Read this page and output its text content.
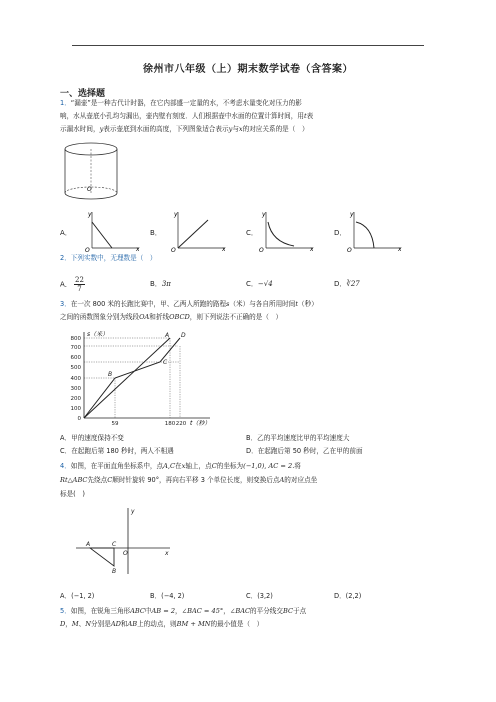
徐州市八年级（上）期末数学试卷（含答案）
一、选择题
1．“漏壶”是一种古代计时器，在它内部盛一定量的水，不考虑水量变化对压力的影
响，水从壶底小孔均匀漏出，壶内壁有刻度．人们根据壶中水面的位置计算时间，用t表
示漏水时间，y表示壶底到水面的高度，下列图象适合表示y与x的对应关系的是（　）
O
A．
y
x
O
B．
y
x
O
C．
y
x
O
D．
y
x
O
2．下列实数中，无理数是（　）
A． $\frac{22}{7}$	B．3π	C．−√4	D．∛27
3．在一次 800 米的长跑比赛中，甲、乙两人所跑的路程s（米）与各自所用时间t（秒）
之间的函数图象分别为线段OA和折线OBCD，则下列说法不正确的是（　）
800
700
600
500
400
300
200
100
0
59	180 220
s（米）
t（秒）
A
B
C
D
A．甲的速度保持不变	B．乙的平均速度比甲的平均速度大
C．在起跑后第 180 秒时，两人不相遇	D．在起跑后第 50 秒时，乙在甲的前面
4．如图，在平面直角坐标系中，点A,C在x轴上，点C的坐标为(−1,0), AC = 2.将
Rt△ABC先绕点C顺时针旋转 90°，再向右平移 3 个单位长度，则变换后点A的对应点坐
标是(　)
A	C
O
B
x
y
A．(−1, 2)	B．(−4, 2)	C．(3,2)	D．(2,2)
5．如图，在锐角三角形ABC中AB = 2，∠BAC = 45°，∠BAC的平分线交BC于点
D，M、N分别是AD和AB上的动点，则BM + MN的最小值是（　）
